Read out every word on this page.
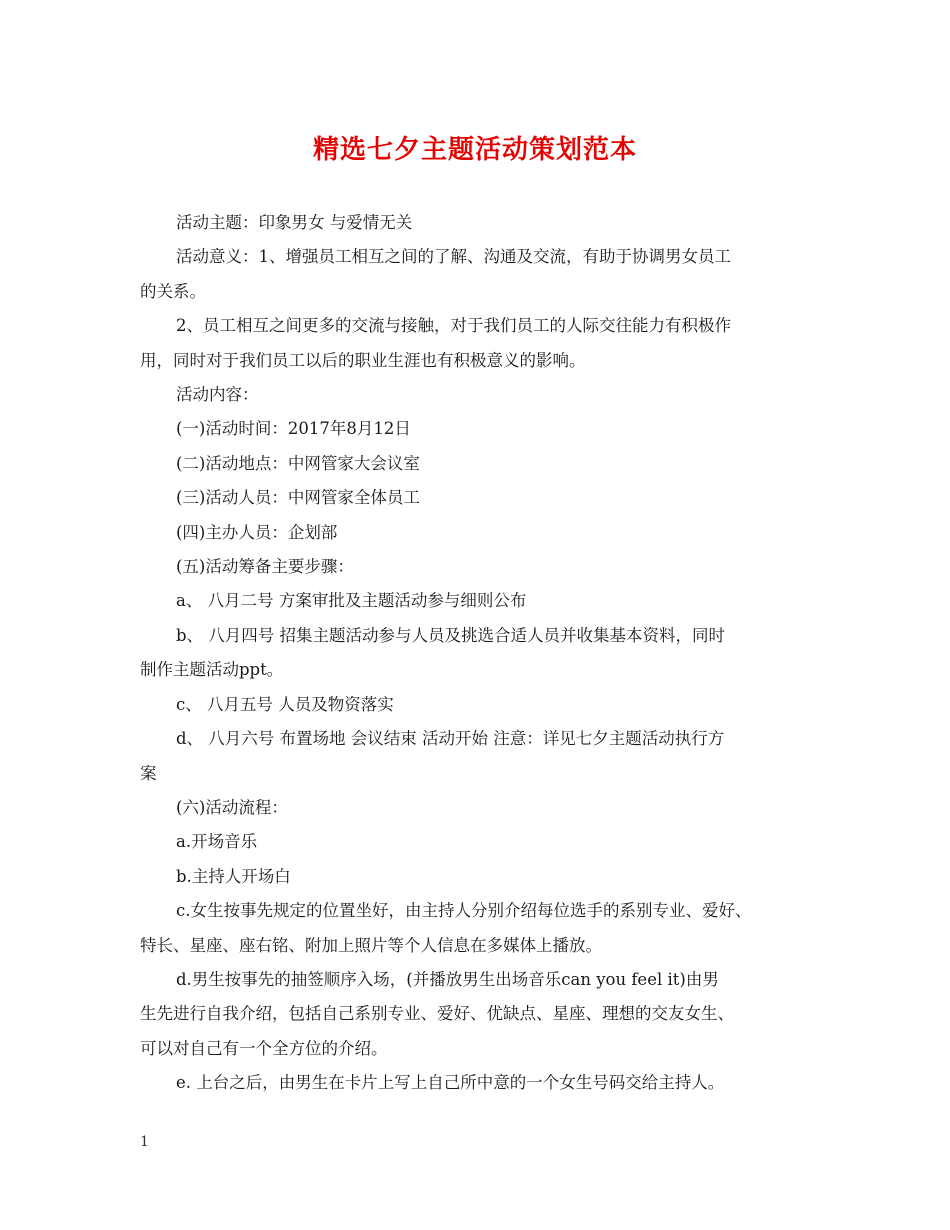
精选七夕主题活动策划范本

活动主题：印象男女 与爱情无关

活动意义：1、增强员工相互之间的了解、沟通及交流，有助于协调男女员工

的关系。

2、员工相互之间更多的交流与接触，对于我们员工的人际交往能力有积极作

用，同时对于我们员工以后的职业生涯也有积极意义的影响。

活动内容：

(一)活动时间：2017年8月12日

(二)活动地点：中网管家大会议室

(三)活动人员：中网管家全体员工

(四)主办人员：企划部

(五)活动筹备主要步骤：

a、 八月二号 方案审批及主题活动参与细则公布

b、 八月四号 招集主题活动参与人员及挑选合适人员并收集基本资料，同时

制作主题活动ppt。

c、 八月五号 人员及物资落实

d、 八月六号 布置场地 会议结束 活动开始 注意：详见七夕主题活动执行方

案

(六)活动流程：

a.开场音乐

b.主持人开场白

c.女生按事先规定的位置坐好，由主持人分别介绍每位选手的系别专业、爱好、

特长、星座、座右铭、附加上照片等个人信息在多媒体上播放。

d.男生按事先的抽签顺序入场，(并播放男生出场音乐can you feel it)由男

生先进行自我介绍，包括自己系别专业、爱好、优缺点、星座、理想的交友女生、

可以对自己有一个全方位的介绍。

e. 上台之后，由男生在卡片上写上自己所中意的一个女生号码交给主持人。

1
